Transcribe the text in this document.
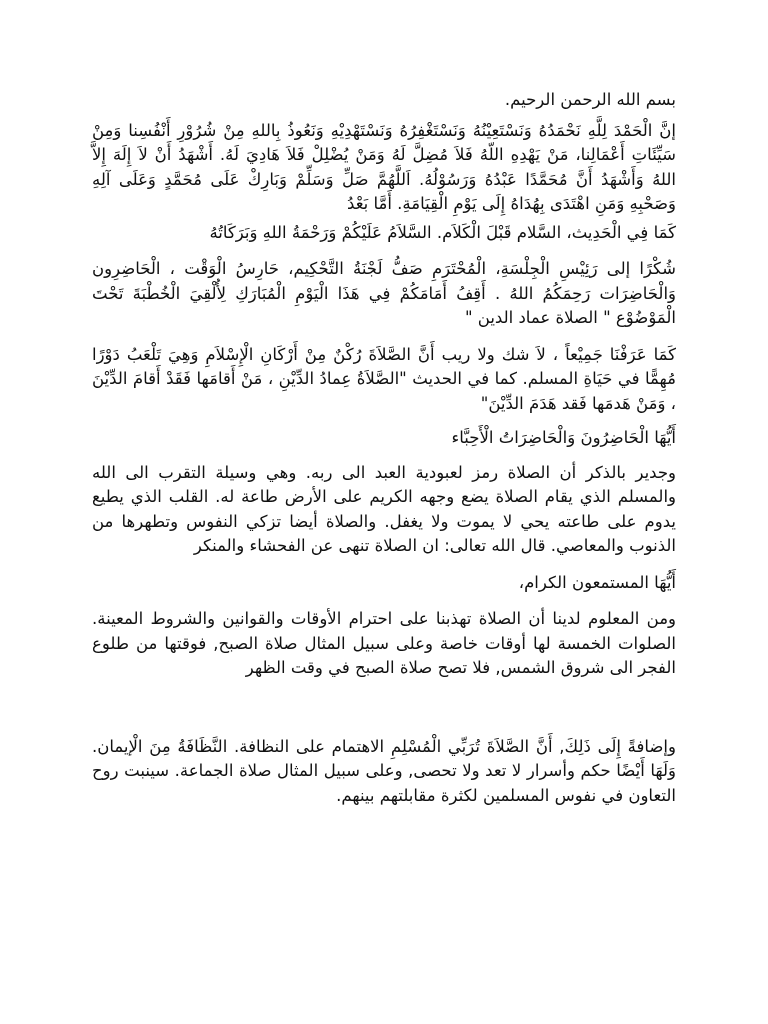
بسم الله الرحمن الرحيم.

إنَّ الْحَمْدَ لِلَّهِ نَحْمَدُهُ وَنَسْتَعِيْنُهُ وَنَسْتَغْفِرُهُ وَنَسْتَهْدِيْهِ وَنَعُوذُ بِاللهِ مِنْ شُرُوْرِ أَنْفُسِنا وَمِنْ سَيِّئَاتِ أَعْمَالِنا، مَنْ يَهْدِهِ اللّهُ فَلاَ مُضِلَّ لَهُ وَمَنْ يُضْلِلْ فَلاَ هَادِيَ لَهُ. أَشْهَدُ أَنْ لاَ إِلَهَ إِلاَّ اللهُ وَأَشْهَدُ أَنَّ مُحَمَّدًا عَبْدُهُ وَرَسُوْلُهُ. اَللَّهُمَّ صَلِّ وَسَلِّمْ وَبَارِكْ عَلَى مُحَمَّدٍ وَعَلَى آلِهِ وَصَحْبِهِ وَمَنِ اهْتَدَى بِهُدَاهُ إِلَى يَوْمِ الْقِيَامَةِ. أَمَّا بَعْدُ

كَمَا فِي الْحَدِيث، السَّلام قَبْلَ الْكَلاَم. السَّلاَمُ عَلَيْكُمْ وَرَحْمَةُ اللهِ وَبَرَكَاتُهُ

شُكْرًا إلى رَئِيْسِ الْجِلْسَةِ، الْمُحْتَرَمِ صَفُّ لَجْنَةُ التَّحْكِيم، حَارِسُ الْوَقْت ، الْحَاضِرِون وَالْحَاضِرَات رَحِمَكُمُ اللهُ . أَقِفُ أَمَامَكُمْ فِي هَذَا الْيَوْمِ الْمُبَارَكِ لِأُلْقِيَ الْخُطْبَةَ تَحْتَ الْمَوْضُوْع " الصلاة عماد الدين "

كَمَا عَرَفْنَا جَمِيْعاً ، لاَ شك ولا ريب أَنَّ الصَّلاَةَ رُكْنٌ مِنْ أَرْكَانِ الْإِسْلاَمِ وَهِيَ تَلْعَبُ دَوْرًا مُهِمًّا في حَيَاةِ المسلم. كما في الحديث "الصَّلاَةُ عِمادُ الدِّيْنِ ، مَنْ أَقامَها فَقَدْ أَقامَ الدِّيْنَ ، وَمَنْ هَدمَها فَقد هَدَمَ الدِّيْنَ"

أَيُّهَا الْحَاضِرُونَ وَالْحَاضِرَاتُ الْأَحِبَّاء

وجدير بالذكر أن الصلاة رمز لعبودية العبد الى ربه. وهي وسيلة التقرب الى الله والمسلم الذي يقام الصلاة يضع وجهه الكريم على الأرض طاعة له. القلب الذي يطيع يدوم على طاعته يحي لا يموت ولا يغفل. والصلاة أيضا تزكي النفوس وتطهرها من الذنوب والمعاصي. قال الله تعالى: ان الصلاة تنهى عن الفحشاء والمنكر

أَيُّهَا المستمعون الكرام،

ومن المعلوم لدينا أن الصلاة تهذبنا على احترام الأوقات والقوانين والشروط المعينة. الصلوات الخمسة لها أوقات خاصة وعلى سبيل المثال صلاة الصبح, فوقتها من طلوع الفجر الى شروق الشمس, فلا تصح صلاة الصبح في وقت الظهر

وإضافةً إِلَى ذَلِكَ, أَنَّ الصَّلاَةَ تُرَبِّي الْمُسْلِمِ الاهتمام على النظافة. النَّظَافَةُ مِنَ الْإيمان. وَلَهَا أَيْضًا حكم وأسرار لا تعد ولا تحصى, وعلى سبيل المثال صلاة الجماعة. سينبت روح التعاون في نفوس المسلمين لكثرة مقابلتهم بينهم.
